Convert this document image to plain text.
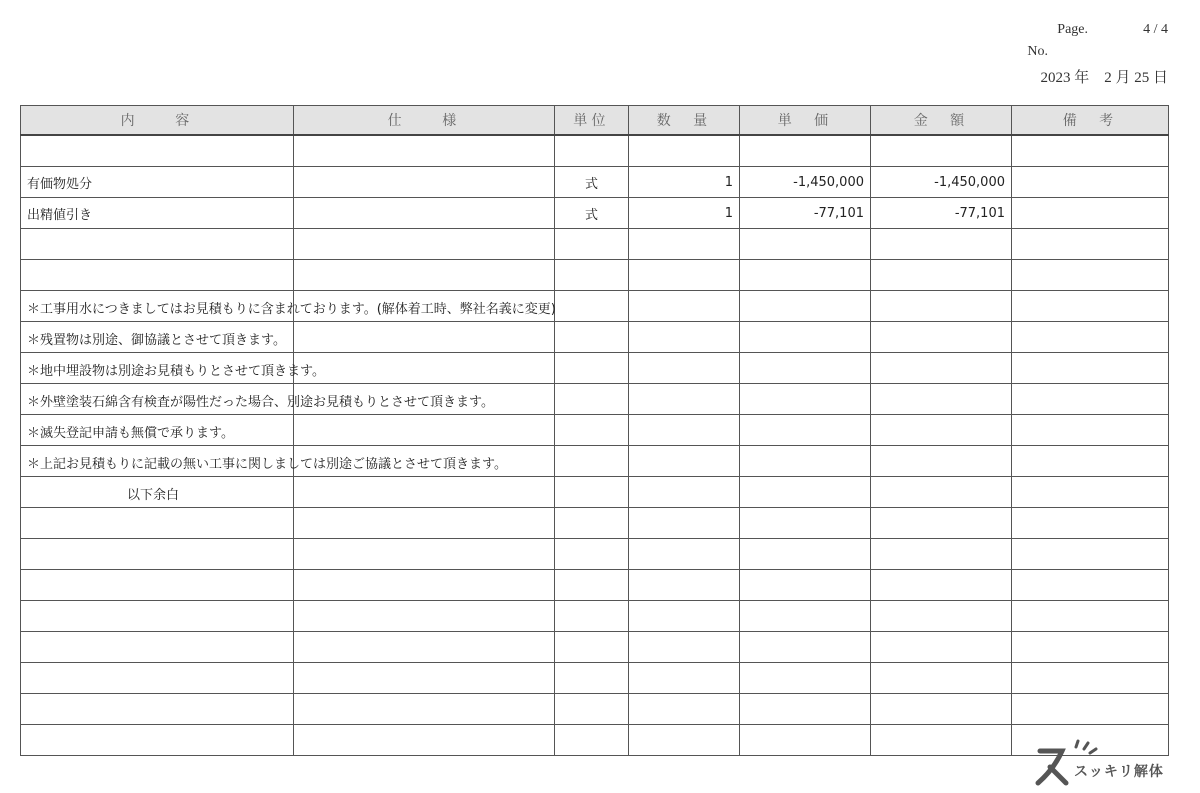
Page.	4 / 4
No.
2023 年　2 月 25 日
内　　容	仕　　様	単位	数　量	単　価	金　額	備　考

有価物処分		式	1	-1,450,000	-1,450,000	
出精値引き		式	1	-77,101	-77,101	

＊工事用水につきましてはお見積もりに含まれております。(解体着工時、弊社名義に変更)						

＊残置物は別途、御協議とさせて頂きます。						

＊地中埋設物は別途お見積もりとさせて頂きます。						

＊外壁塗装石綿含有検査が陽性だった場合、別途お見積もりとさせて頂きます。						

＊滅失登記申請も無償で承ります。						

＊上記お見積もりに記載の無い工事に関しましては別途ご協議とさせて頂きます。						

以下余白						

スッキリ解体
